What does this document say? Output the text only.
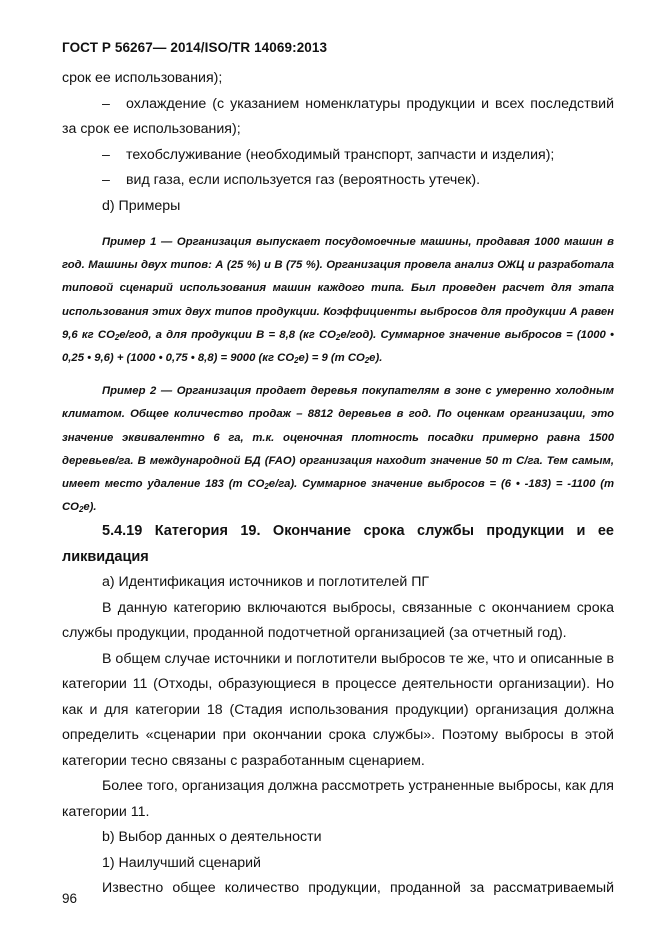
ГОСТ Р 56267— 2014/ISO/TR 14069:2013

срок ее использования);

– охлаждение (с указанием номенклатуры продукции и всех последствий за срок ее использования);

–	техобслуживание (необходимый транспорт, запчасти и изделия);
–	вид газа, если используется газ (вероятность утечек).

d) Примеры

Пример 1 — Организация выпускает посудомоечные машины, продавая 1000 машин в год. Машины двух типов: А (25 %) и В (75 %). Организация провела анализ ОЖЦ и разработала типовой сценарий использования машин каждого типа. Был проведен расчет для этапа использования этих двух типов продукции. Коэффициенты выбросов для продукции А равен 9,6 кг $CO_2e$/год, а для продукции В = 8,8 (кг $CO_2e/год$). Суммарное значение выбросов = (1000 • 0,25 • 9,6) + (1000 • 0,75 • 8,8) = 9000 (кг $CO_2e) = 9$ (т $CO_2e$).

Пример 2 — Организация продает деревья покупателям в зоне с умеренно холодным климатом. Общее количество продаж – 8812 деревьев в год. По оценкам организации, это значение эквивалентно 6 га, т.к. оценочная плотность посадки примерно равна 1500 деревьев/га. В международной БД (FAO) организация находит значение 50 т С/га. Тем самым, имеет место удаление 183 (т $CO_2e/га$). Суммарное значение выбросов = (6 • -183) = -1100 (т $CO_2e$).

5.4.19 Категория 19. Окончание срока службы продукции и ее ликвидация

а) Идентификация источников и поглотителей ПГ

В данную категорию включаются выбросы, связанные с окончанием срока службы продукции, проданной подотчетной организацией (за отчетный год).

В общем случае источники и поглотители выбросов те же, что и описанные в категории 11 (Отходы, образующиеся в процессе деятельности организации). Но как и для категории 18 (Стадия использования продукции) организация должна определить «сценарии при окончании срока службы». Поэтому выбросы в этой категории тесно связаны с разработанным сценарием.

Более того, организация должна рассмотреть устраненные выбросы, как для категории 11.

b) Выбор данных о деятельности

1) Наилучший сценарий

Известно общее количество продукции, проданной за рассматриваемый

96
